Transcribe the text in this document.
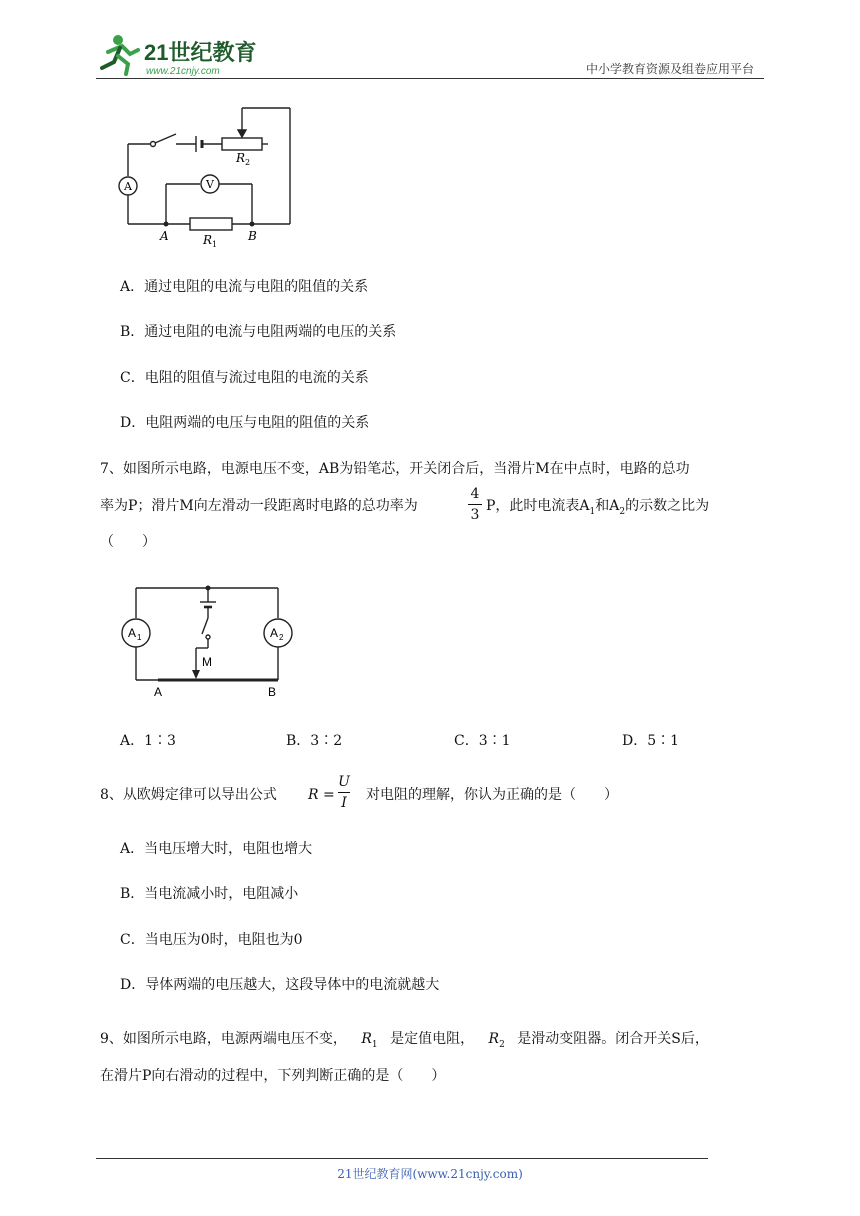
21世纪教育
www.21cnjy.com	中小学教育资源及组卷应用平台
A	V
R 2
A	B
R 1
A．通过电阻的电流与电阻的阻值的关系
B．通过电阻的电流与电阻两端的电压的关系
C．电阻的阻值与流过电阻的电流的关系
D．电阻两端的电压与电阻的阻值的关系
7、如图所示电路，电源电压不变，AB为铅笔芯，开关闭合后，当滑片M在中点时，电路的总功
率为P；滑片M向左滑动一段距离时电路的总功率为
4
3
P，此时电流表$A_1$和$A_2$的示数之比为
（　　）
A 1	A 2
M
A	B
A．1∶3	B．3∶2	C．3∶1	D．5∶1
8、从欧姆定律可以导出公式 R =
U
I 对电阻的理解，你认为正确的是（　　）
A．当电压增大时，电阻也增大
B．当电流减小时，电阻减小
C．当电压为0时，电阻也为0
D．导体两端的电压越大，这段导体中的电流就越大
9、如图所示电路，电源两端电压不变， $R_1$ 是定值电阻， $R_2$ 是滑动变阻器。闭合开关S后，
在滑片P向右滑动的过程中，下列判断正确的是（　　）
21世纪教育网(www.21cnjy.com)
